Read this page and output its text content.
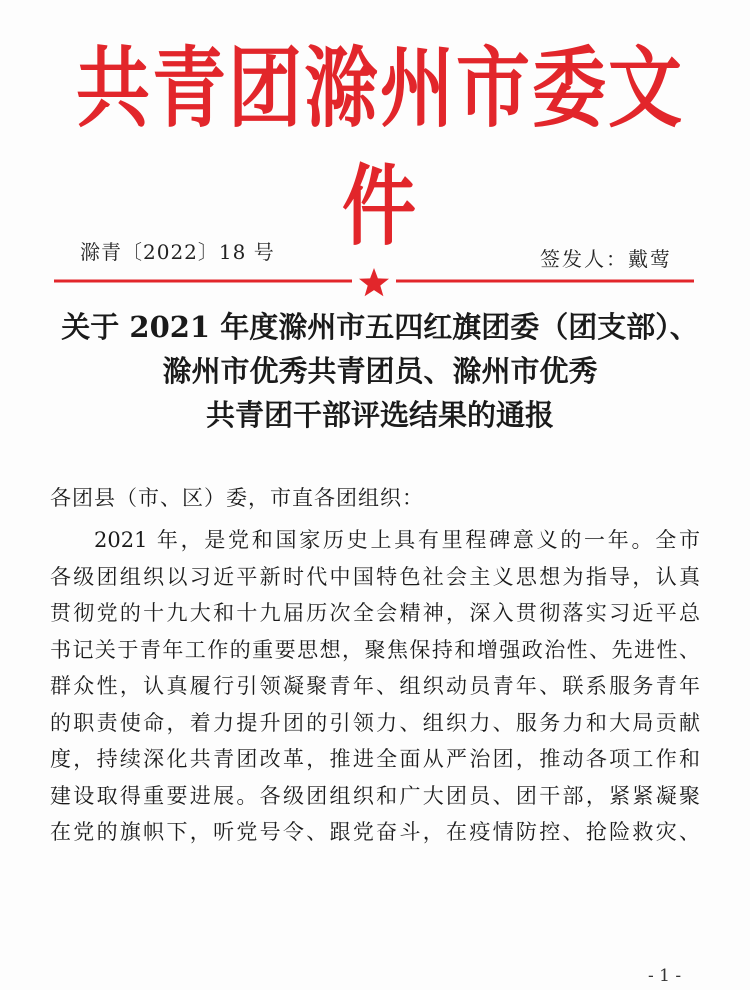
共青团滁州市委文件
滁青〔2022〕18 号	签发人：戴莺
关于 2021 年度滁州市五四红旗团委（团支部）、
滁州市优秀共青团员、滁州市优秀
共青团干部评选结果的通报
各团县（市、区）委，市直各团组织：
2021 年，是党和国家历史上具有里程碑意义的一年。全市
各级团组织以习近平新时代中国特色社会主义思想为指导，认真
贯彻党的十九大和十九届历次全会精神，深入贯彻落实习近平总
书记关于青年工作的重要思想，聚焦保持和增强政治性、先进性、
群众性，认真履行引领凝聚青年、组织动员青年、联系服务青年
的职责使命，着力提升团的引领力、组织力、服务力和大局贡献
度，持续深化共青团改革，推进全面从严治团，推动各项工作和
建设取得重要进展。各级团组织和广大团员、团干部，紧紧凝聚
在党的旗帜下，听党号令、跟党奋斗，在疫情防控、抢险救灾、
- 1 -
